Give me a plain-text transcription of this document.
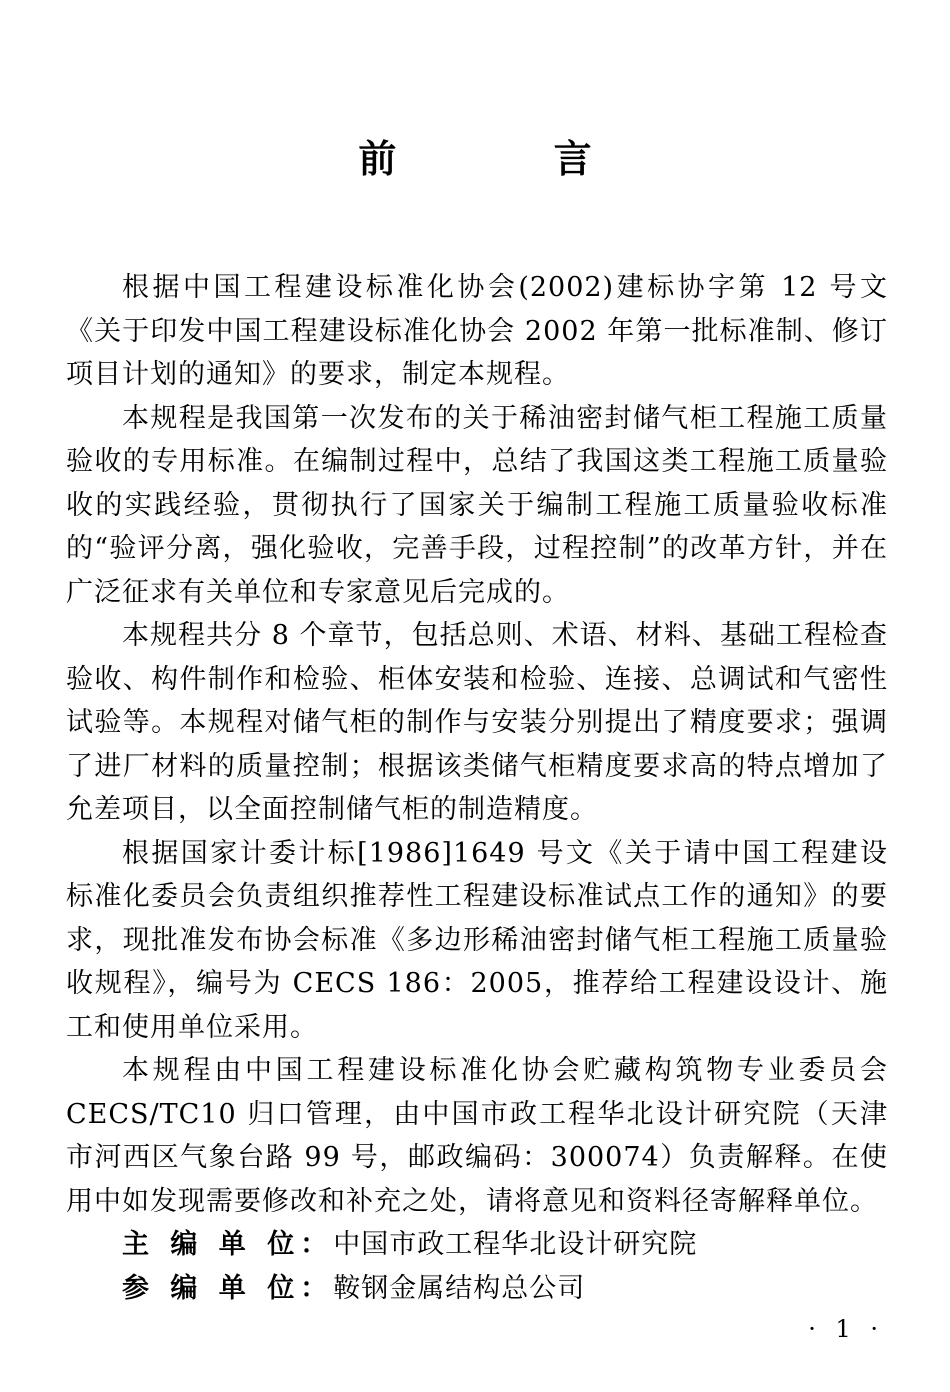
前 言

根据中国工程建设标准化协会(2002)建标协字第 12 号文《关于印发中国工程建设标准化协会 2002 年第一批标准制、修订项目计划的通知》的要求，制定本规程。

本规程是我国第一次发布的关于稀油密封储气柜工程施工质量验收的专用标准。在编制过程中，总结了我国这类工程施工质量验收的实践经验，贯彻执行了国家关于编制工程施工质量验收标准的“验评分离，强化验收，完善手段，过程控制”的改革方针，并在广泛征求有关单位和专家意见后完成的。

本规程共分 8 个章节，包括总则、术语、材料、基础工程检查验收、构件制作和检验、柜体安装和检验、连接、总调试和气密性试验等。本规程对储气柜的制作与安装分别提出了精度要求；强调了进厂材料的质量控制；根据该类储气柜精度要求高的特点增加了允差项目，以全面控制储气柜的制造精度。

根据国家计委计标[1986]1649 号文《关于请中国工程建设标准化委员会负责组织推荐性工程建设标准试点工作的通知》的要求，现批准发布协会标准《多边形稀油密封储气柜工程施工质量验收规程》，编号为 CECS 186：2005，推荐给工程建设设计、施工和使用单位采用。

本规程由中国工程建设标准化协会贮藏构筑物专业委员会 CECS/TC10 归口管理，由中国市政工程华北设计研究院（天津市河西区气象台路 99 号，邮政编码：300074）负责解释。在使用中如发现需要修改和补充之处，请将意见和资料径寄解释单位。

主 编 单 位：中国市政工程华北设计研究院
参 编 单 位：鞍钢金属结构总公司
· 1 ·
